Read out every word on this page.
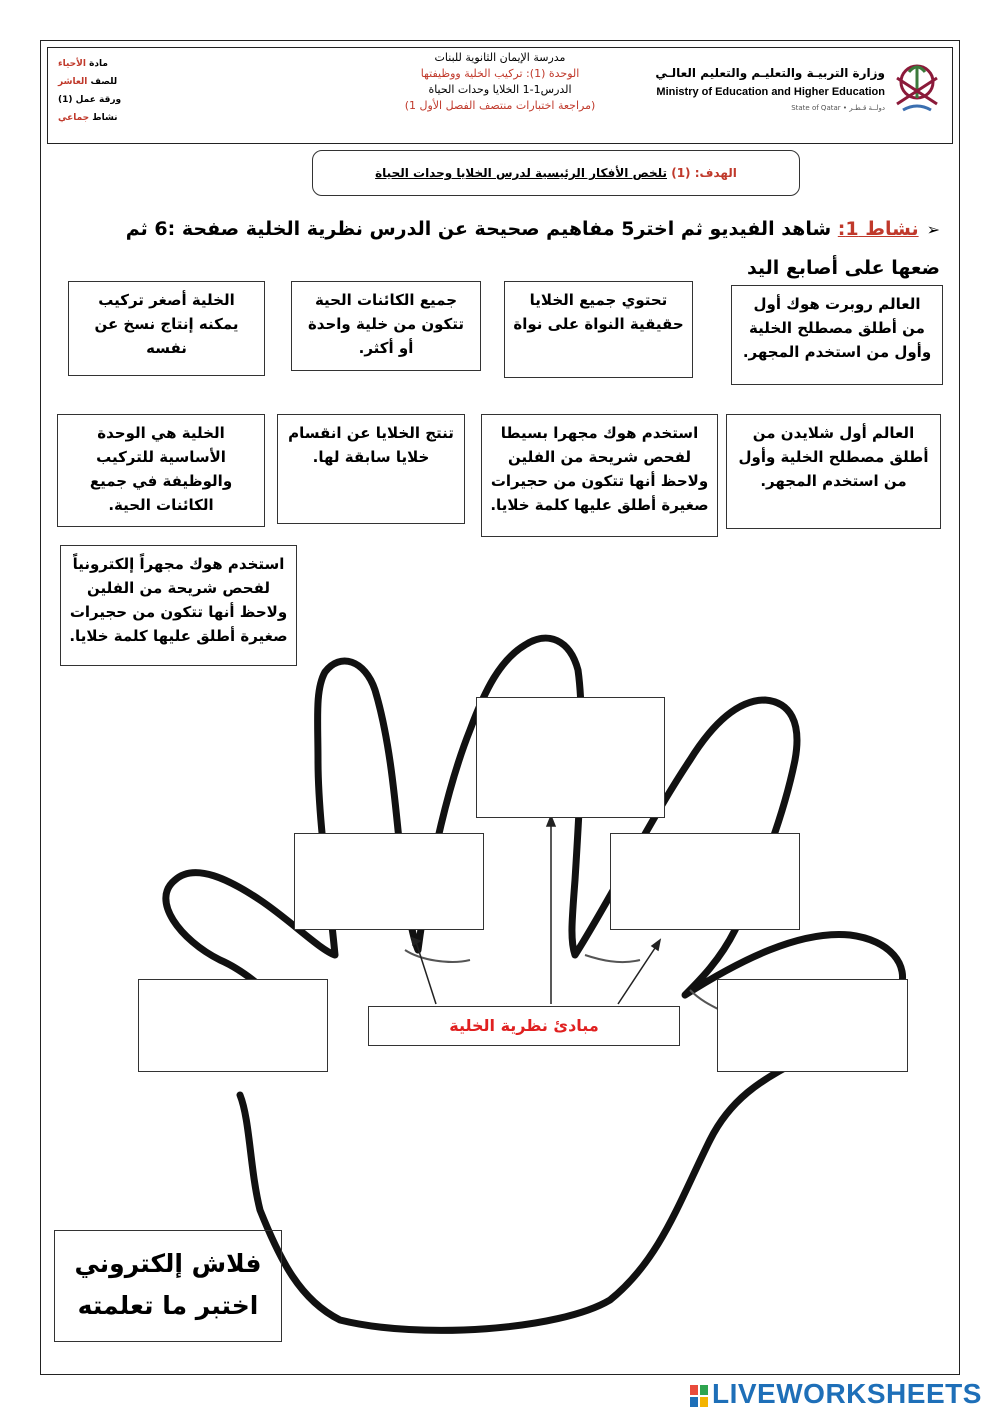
مادة الأحياء
للصف العاشر
ورقة عمل (1)
نشاط جماعي
مدرسة الإيمان الثانوية للبنات
الوحدة (1): تركيب الخلية ووظيفتها
الدرس1-1 الخلايا وحدات الحياة
(مراجعة اختبارات منتصف الفصل الأول 1)
وزارة التربيـة والتعليـم والتعليم العالـي
Ministry of Education and Higher Education
State of Qatar • دولــة قـطـر
الهدف: (1) تلخص الأفكار الرئيسية لدرس الخلايا وحدات الحياة
➢نشاط 1: شاهد الفيديو ثم اختر5 مفاهيم صحيحة عن الدرس نظرية الخلية صفحة :6 ثم ضعها على أصابع اليد
العالم روبرت هوك أول من أطلق مصطلح الخلية وأول من استخدم المجهر.
تحتوي جميع الخلايا حقيقية النواة على نواة
جميع الكائنات الحية تتكون من خلية واحدة أو أكثر.
الخلية أصغر تركيب يمكنه إنتاج نسخ عن نفسه
العالم أول شلايدن من أطلق مصطلح الخلية وأول من استخدم المجهر.
استخدم هوك مجهرا بسيطا لفحص شريحة من الفلين ولاحظ أنها تتكون من حجيرات صغيرة أطلق عليها كلمة خلايا.
تنتج الخلايا عن انقسام خلايا سابقة لها.
الخلية هي الوحدة الأساسية للتركيب والوظيفة في جميع الكائنات الحية.
استخدم هوك مجهراً إلكترونياً لفحص شريحة من الفلين ولاحظ أنها تتكون من حجيرات صغيرة أطلق عليها كلمة خلايا.
مبادئ نظرية الخلية
فلاش إلكتروني
اختبر ما تعلمته
LIVEWORKSHEETS
